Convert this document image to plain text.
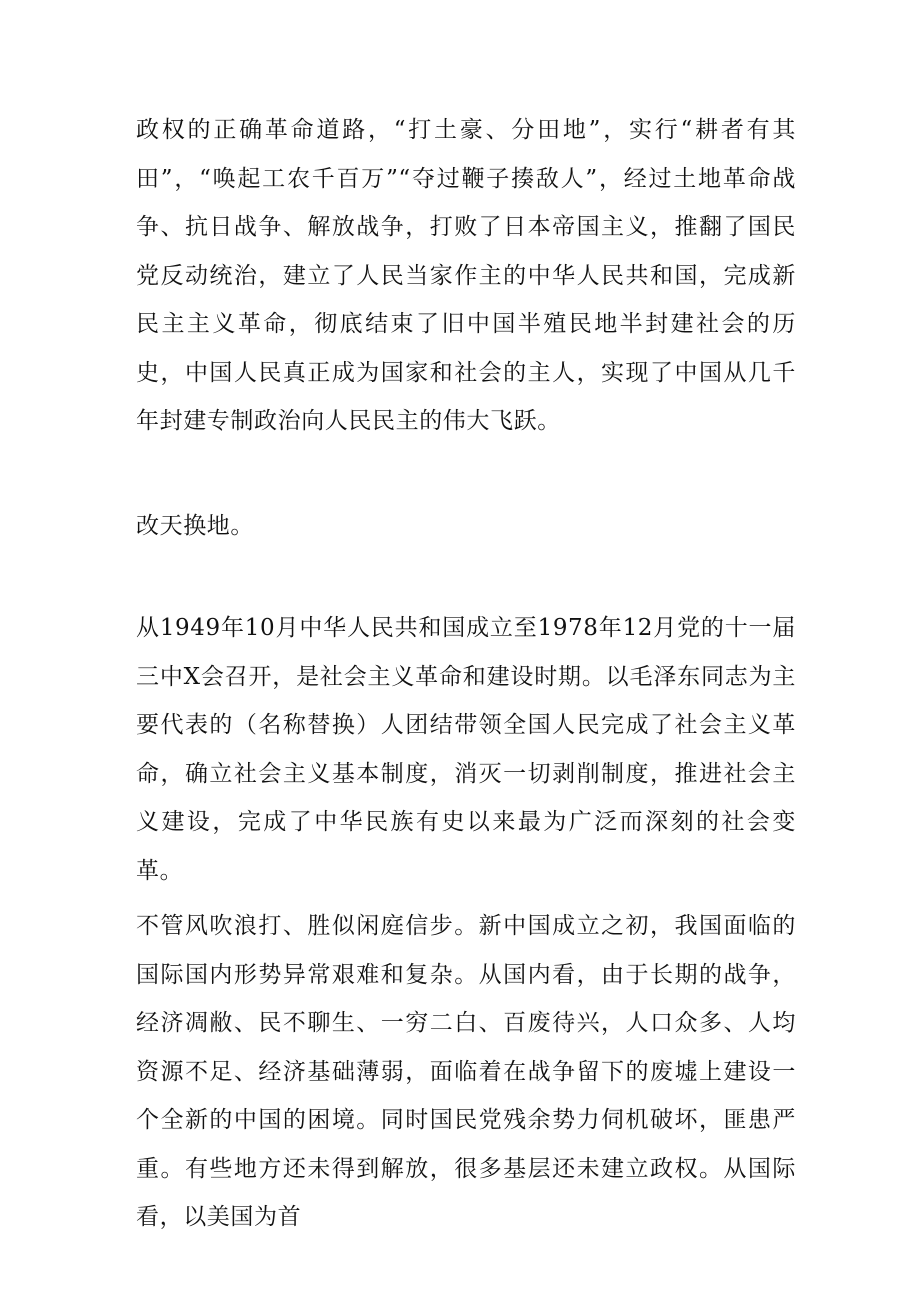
政权的正确革命道路，“打土豪、分田地”，实行“耕者有其田”，“唤起工农千百万”“夺过鞭子揍敌人”，经过土地革命战争、抗日战争、解放战争，打败了日本帝国主义，推翻了国民党反动统治，建立了人民当家作主的中华人民共和国，完成新民主主义革命，彻底结束了旧中国半殖民地半封建社会的历史，中国人民真正成为国家和社会的主人，实现了中国从几千年封建专制政治向人民民主的伟大飞跃。

改天换地。

从1949年10月中华人民共和国成立至1978年12月党的十一届三中X会召开，是社会主义革命和建设时期。以毛泽东同志为主要代表的（名称替换）人团结带领全国人民完成了社会主义革命，确立社会主义基本制度，消灭一切剥削制度，推进社会主义建设，完成了中华民族有史以来最为广泛而深刻的社会变革。

不管风吹浪打、胜似闲庭信步。新中国成立之初，我国面临的国际国内形势异常艰难和复杂。从国内看，由于长期的战争，经济凋敝、民不聊生、一穷二白、百废待兴，人口众多、人均资源不足、经济基础薄弱，面临着在战争留下的废墟上建设一个全新的中国的困境。同时国民党残余势力伺机破坏，匪患严重。有些地方还未得到解放，很多基层还未建立政权。从国际看，以美国为首
